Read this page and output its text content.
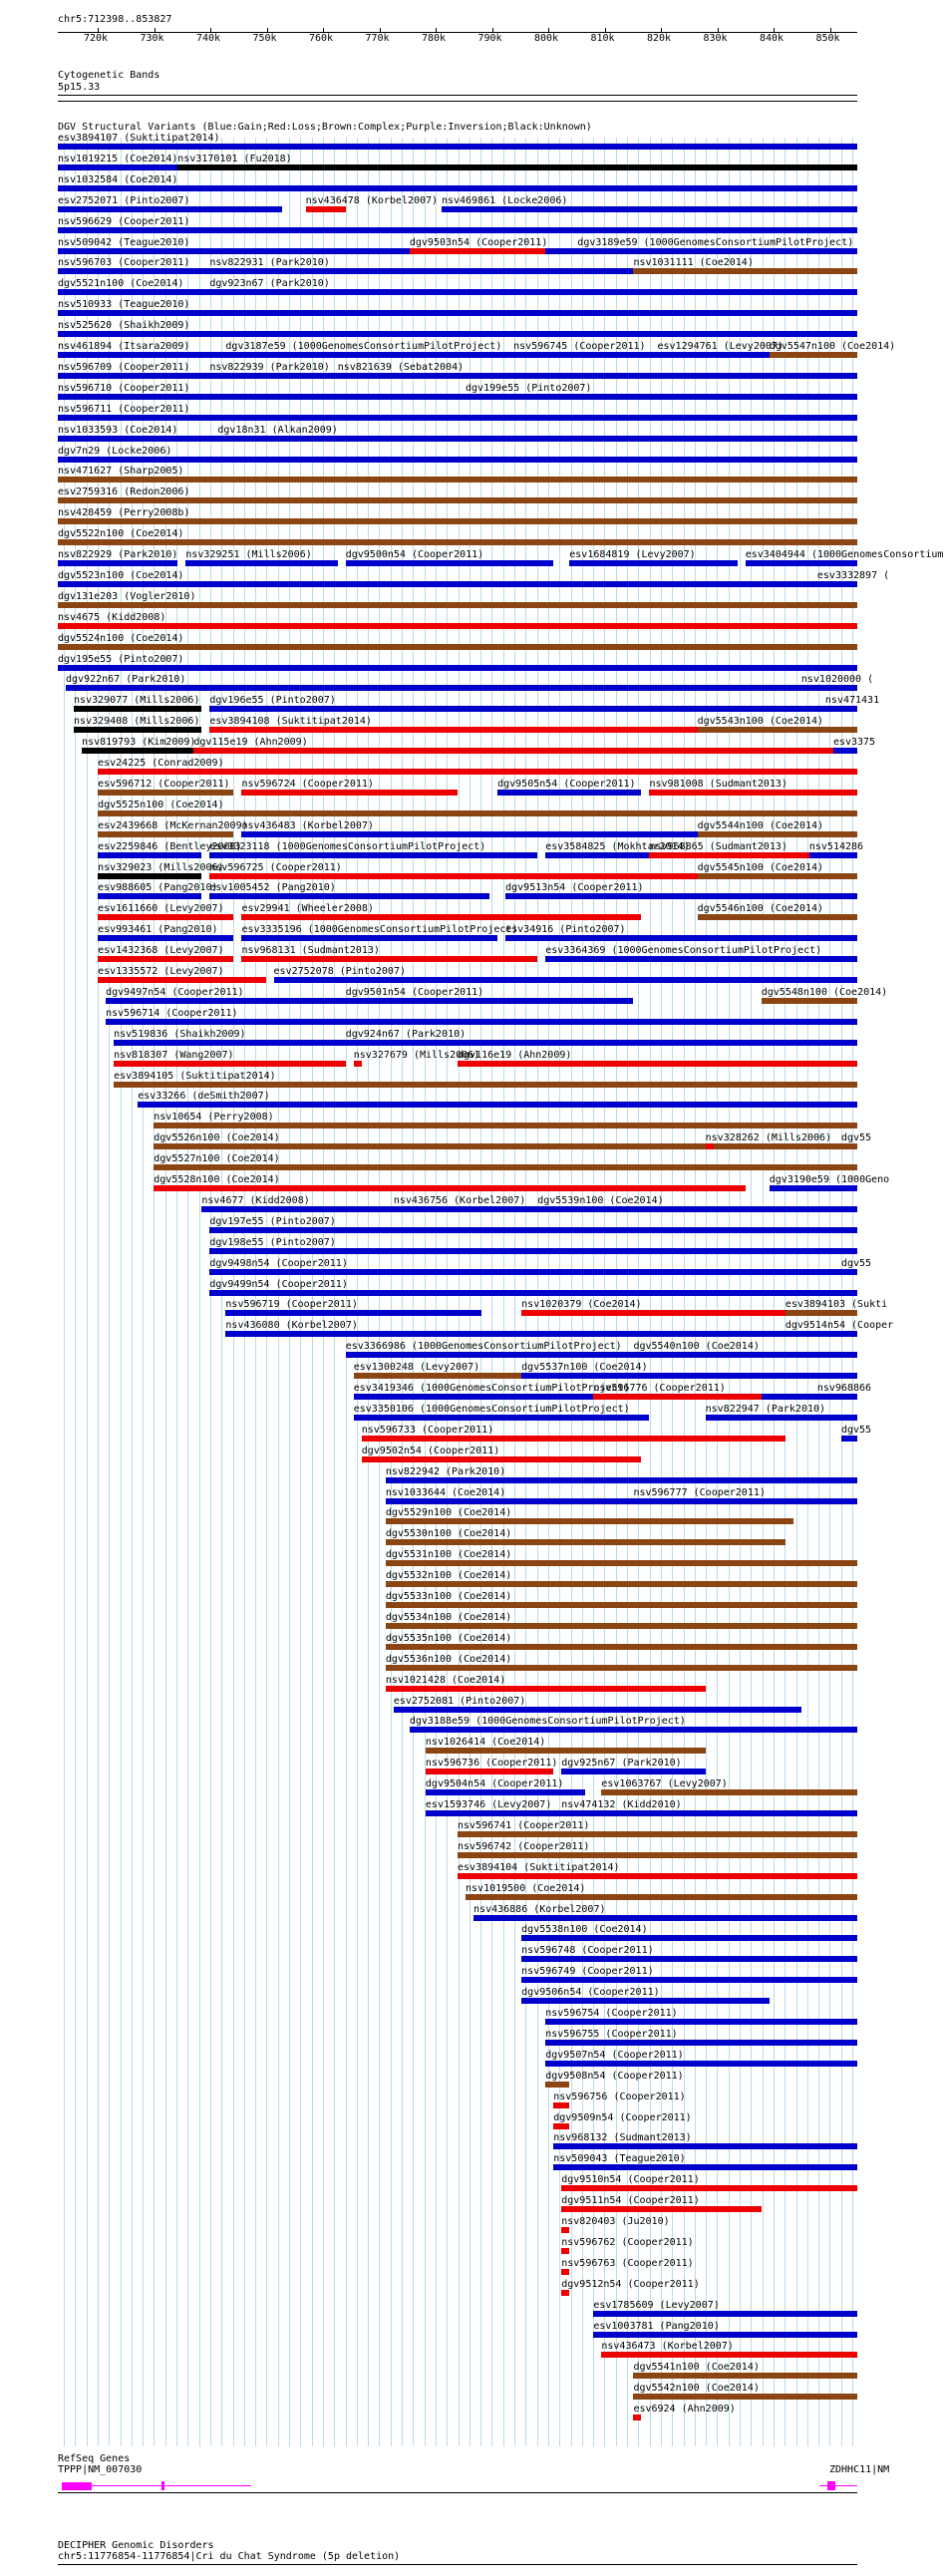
chr5:712398..853827
720k	730k	740k	750k	760k	770k	780k	790k	800k	810k	820k	830k	840k	850k
Cytogenetic Bands
5p15.33
DGV Structural Variants (Blue:Gain;Red:Loss;Brown:Complex;Purple:Inversion;Black:Unknown)
esv3894107 (Suktitipat2014)
nsv1019215 (Coe2014) nsv3170101 (Fu2018)
nsv1032584 (Coe2014)
esv2752071 (Pinto2007)	nsv436478 (Korbel2007) nsv469861 (Locke2006)
nsv596629 (Cooper2011)
nsv509042 (Teague2010)	dgv9503n54 (Cooper2011)	dgv3189e59 (1000GenomesConsortiumPilotProject)
nsv596703 (Cooper2011) nsv822931 (Park2010)	nsv1031111 (Coe2014)
dgv5521n100 (Coe2014)	dgv923n67 (Park2010)
nsv510933 (Teague2010)
nsv525620 (Shaikh2009)
nsv461894 (Itsara2009)	dgv3187e59 (1000GenomesConsortiumPilotProject) nsv596745 (Cooper2011) esv1294761 (Levy2007)
dgv5547n100 (Coe2014)
nsv596709 (Cooper2011) nsv822939 (Park2010) nsv821639 (Sebat2004)
nsv596710 (Cooper2011)	dgv199e55 (Pinto2007)
nsv596711 (Cooper2011)
nsv1033593 (Coe2014)	dgv18n31 (Alkan2009)
dgv7n29 (Locke2006)
nsv471627 (Sharp2005)
esv2759316 (Redon2006)
nsv428459 (Perry2008b)
dgv5522n100 (Coe2014)
nsv822929 (Park2010) nsv329251 (Mills2006)	dgv9500n54 (Cooper2011)	esv1684819 (Levy2007)	esv3404944 (1000GenomesConsortium
dgv5523n100 (Coe2014)	esv3332897 (
dgv131e203 (Vogler2010)
nsv4675 (Kidd2008)
dgv5524n100 (Coe2014)
dgv195e55 (Pinto2007)
dgv922n67 (Park2010)	nsv1020000 (
nsv329077 (Mills2006) dgv196e55 (Pinto2007)	nsv471431
nsv329408 (Mills2006) esv3894108 (Suktitipat2014)	dgv5543n100 (Coe2014)
nsv819793 (Kim2009)
dgv115e19 (Ahn2009)	esv3375
esv24225 (Conrad2009)
esv596712 (Cooper2011) nsv596724 (Cooper2011)	dgv9505n54 (Cooper2011) nsv981008 (Sudmant2013)
dgv5525n100 (Coe2014)
esv2439668 (McKernan2009)
nsv436483 (Korbel2007)	dgv5544n100 (Coe2014)
esv2259846 (Bentley2008)
esv3323118 (1000GenomesConsortiumPilotProject)	esv3584825 (Mokhtar2014)
nsv968865 (Sudmant2013) nsv514286
nsv329023 (Mills2006)
nsv596725 (Cooper2011)	dgv5545n100 (Coe2014)
esv988605 (Pang2010)
esv1005452 (Pang2010)	dgv9513n54 (Cooper2011)
esv1611660 (Levy2007) esv29941 (Wheeler2008)	dgv5546n100 (Coe2014)
esv993461 (Pang2010) esv3335196 (1000GenomesConsortiumPilotProject)
esv34916 (Pinto2007)
esv1432368 (Levy2007) nsv968131 (Sudmant2013)	esv3364369 (1000GenomesConsortiumPilotProject)
esv1335572 (Levy2007)	esv2752078 (Pinto2007)
dgv9497n54 (Cooper2011)	dgv9501n54 (Cooper2011)	dgv5548n100 (Coe2014)
nsv596714 (Cooper2011)
nsv519836 (Shaikh2009)	dgv924n67 (Park2010)
nsv818307 (Wang2007)	nsv327679 (Mills2006)
dgv116e19 (Ahn2009)
esv3894105 (Suktitipat2014)
esv33266 (deSmith2007)
nsv10654 (Perry2008)
dgv5526n100 (Coe2014)	nsv328262 (Mills2006) dgv55
dgv5527n100 (Coe2014)
dgv5528n100 (Coe2014)	dgv3190e59 (1000Geno
nsv4677 (Kidd2008)	nsv436756 (Korbel2007) dgv5539n100 (Coe2014)
dgv197e55 (Pinto2007)
dgv198e55 (Pinto2007)
dgv9498n54 (Cooper2011)	dgv55
dgv9499n54 (Cooper2011)
nsv596719 (Cooper2011)	nsv1020379 (Coe2014)	esv3894103 (Sukti
nsv436080 (Korbel2007)	dgv9514n54 (Cooper
esv3366986 (1000GenomesConsortiumPilotProject) dgv5540n100 (Coe2014)
esv1300248 (Levy2007)	dgv5537n100 (Coe2014)
esv3419346 (1000GenomesConsortiumPilotProject)
nsv596776 (Cooper2011)	nsv968866
esv3350106 (1000GenomesConsortiumPilotProject)	nsv822947 (Park2010)
nsv596733 (Cooper2011)	dgv55
dgv9502n54 (Cooper2011)
nsv822942 (Park2010)
nsv1033644 (Coe2014)	nsv596777 (Cooper2011)
dgv5529n100 (Coe2014)
dgv5530n100 (Coe2014)
dgv5531n100 (Coe2014)
dgv5532n100 (Coe2014)
dgv5533n100 (Coe2014)
dgv5534n100 (Coe2014)
dgv5535n100 (Coe2014)
dgv5536n100 (Coe2014)
nsv1021428 (Coe2014)
esv2752081 (Pinto2007)
dgv3188e59 (1000GenomesConsortiumPilotProject)
nsv1026414 (Coe2014)
nsv596736 (Cooper2011) dgv925n67 (Park2010)
dgv9504n54 (Cooper2011)	esv1063767 (Levy2007)
esv1593746 (Levy2007) nsv474132 (Kidd2010)
nsv596741 (Cooper2011)
nsv596742 (Cooper2011)
esv3894104 (Suktitipat2014)
nsv1019500 (Coe2014)
nsv436886 (Korbel2007)
dgv5538n100 (Coe2014)
nsv596748 (Cooper2011)
nsv596749 (Cooper2011)
dgv9506n54 (Cooper2011)
nsv596754 (Cooper2011)
nsv596755 (Cooper2011)
dgv9507n54 (Cooper2011)
dgv9508n54 (Cooper2011)
nsv596756 (Cooper2011)
dgv9509n54 (Cooper2011)
nsv968132 (Sudmant2013)
nsv509043 (Teague2010)
dgv9510n54 (Cooper2011)
dgv9511n54 (Cooper2011)
nsv820403 (Ju2010)
nsv596762 (Cooper2011)
nsv596763 (Cooper2011)
dgv9512n54 (Cooper2011)
esv1785609 (Levy2007)
esv1003781 (Pang2010)
nsv436473 (Korbel2007)
dgv5541n100 (Coe2014)
dgv5542n100 (Coe2014)
esv6924 (Ahn2009)
RefSeq Genes
TPPP|NM_007030	ZDHHC11|NM
DECIPHER Genomic Disorders
chr5:11776854-11776854|Cri du Chat Syndrome (5p deletion)
